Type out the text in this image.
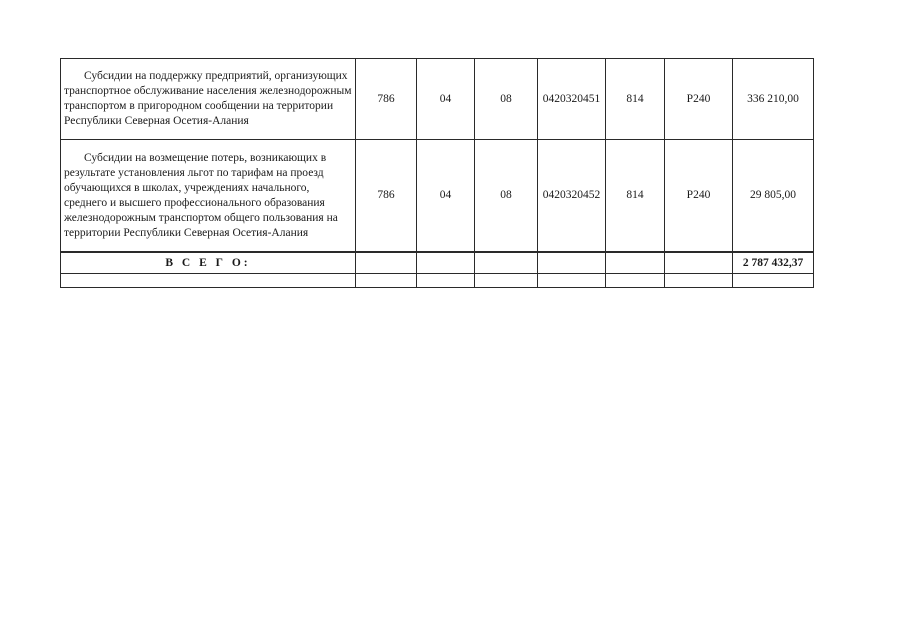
Субсидии на поддержку предприятий, организующих транспортное обслуживание населения железнодорожным транспортом в пригородном сообщении на территории Республики Северная Осетия-Алания	786	04	08	0420320451	814	Р240	336 210,00
Субсидии на возмещение потерь, возникающих в результате установления льгот по тарифам на проезд обучающихся в школах, учреждениях начального, среднего и высшего профессионального образования железнодорожным транспортом общего пользования на территории Республики Северная Осетия-Алания	786	04	08	0420320452	814	Р240	29 805,00
В С Е Г О:							2 787 432,37
